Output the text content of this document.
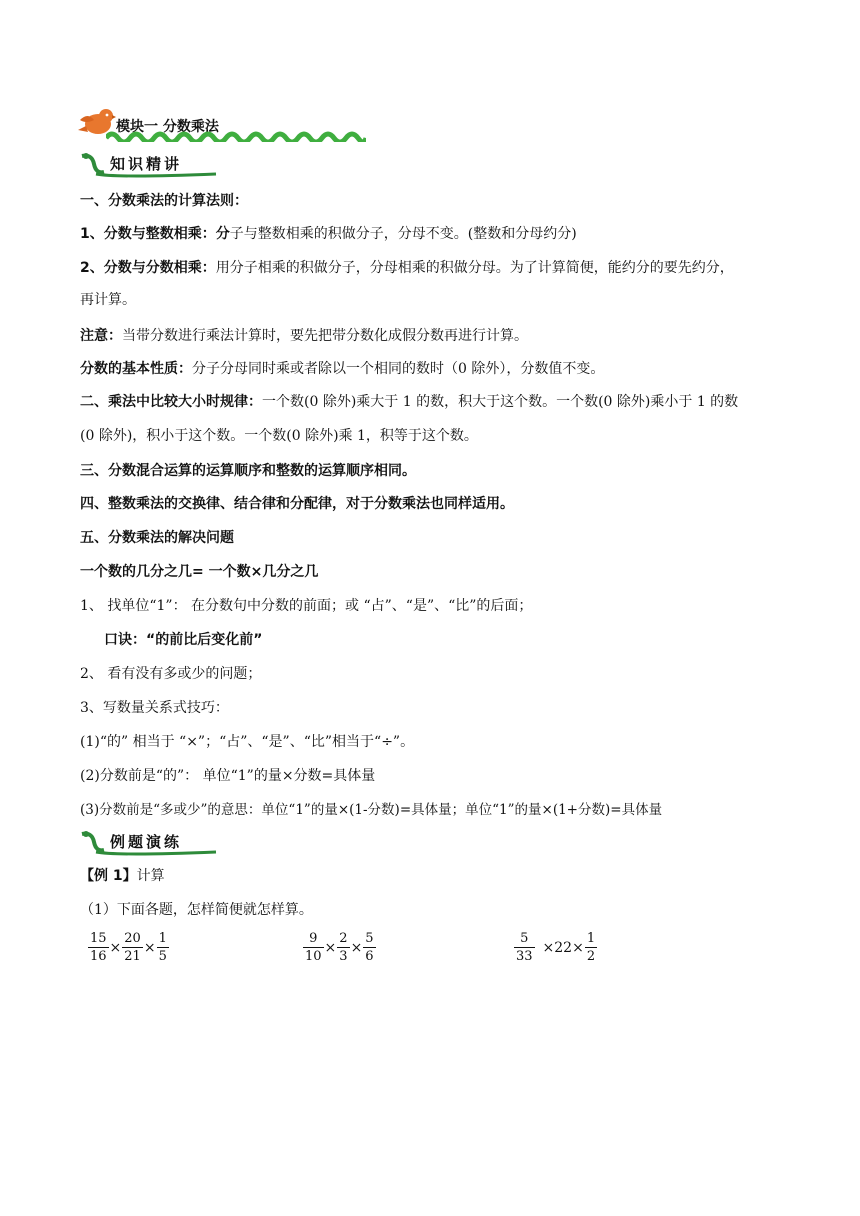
模块一 分数乘法
知识精讲
一、分数乘法的计算法则：
1、分数与整数相乘：分子与整数相乘的积做分子，分母不变。(整数和分母约分)
2、分数与分数相乘：用分子相乘的积做分子，分母相乘的积做分母。为了计算简便，能约分的要先约分，
再计算。
注意：当带分数进行乘法计算时，要先把带分数化成假分数再进行计算。
分数的基本性质：分子分母同时乘或者除以一个相同的数时（0 除外），分数值不变。
二、乘法中比较大小时规律：一个数(0 除外)乘大于 1 的数，积大于这个数。一个数(0 除外)乘小于 1 的数
(0 除外)，积小于这个数。一个数(0 除外)乘 1，积等于这个数。
三、分数混合运算的运算顺序和整数的运算顺序相同。
四、整数乘法的交换律、结合律和分配律，对于分数乘法也同样适用。
五、分数乘法的解决问题
一个数的几分之几= 一个数×几分之几
1、 找单位“1”： 在分数句中分数的前面；或 “占”、“是”、“比”的后面；
口诀：“的前比后变化前”
2、 看有没有多或少的问题；
3、写数量关系式技巧：
(1)“的” 相当于 “×”；“占”、“是”、“比”相当于“÷”。
(2)分数前是“的”： 单位“1”的量×分数=具体量
(3)分数前是“多或少”的意思：单位“1”的量×(1-分数)=具体量；单位“1”的量×(1+分数)=具体量
例题演练
【例 1】计算
（1）下面各题，怎样简便就怎样算。
$\frac{15}{16} \times \frac{20}{21} \times \frac{1}{5}$	$\frac{9}{10} \times \frac{2}{3} \times \frac{5}{6}$	$\frac{5}{33} \times 22\times \frac{1}{2}$
